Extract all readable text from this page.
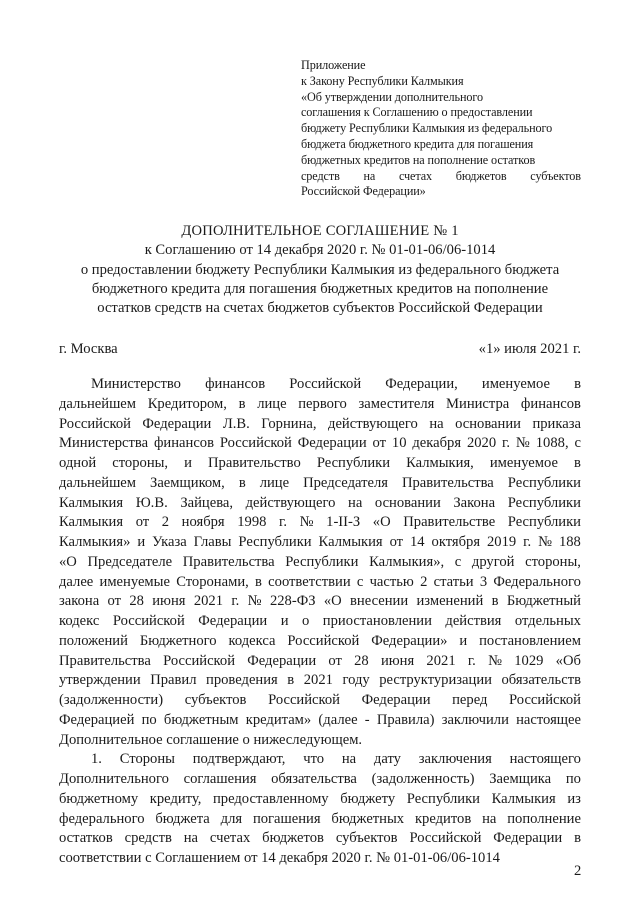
Приложение
к Закону Республики Калмыкия
«Об утверждении дополнительного
соглашения к Соглашению о предоставлении
бюджету Республики Калмыкия из федерального
бюджета бюджетного кредита для погашения
бюджетных кредитов на пополнение остатков
средств на счетах бюджетов субъектов
Российской Федерации»
ДОПОЛНИТЕЛЬНОЕ СОГЛАШЕНИЕ № 1
к Соглашению от 14 декабря 2020 г. № 01-01-06/06-1014
о предоставлении бюджету Республики Калмыкия из федерального бюджета
бюджетного кредита для погашения бюджетных кредитов на пополнение
остатков средств на счетах бюджетов субъектов Российской Федерации
г. Москва	«1» июля 2021 г.
Министерство финансов Российской Федерации, именуемое в
дальнейшем Кредитором, в лице первого заместителя Министра финансов
Российской Федерации Л.В. Горнина, действующего на основании приказа
Министерства финансов Российской Федерации от 10 декабря 2020 г. № 1088, с
одной стороны, и Правительство Республики Калмыкия, именуемое в
дальнейшем Заемщиком, в лице Председателя Правительства Республики
Калмыкия Ю.В. Зайцева, действующего на основании Закона Республики
Калмыкия от 2 ноября 1998 г. № 1-II-З «О Правительстве Республики
Калмыкия» и Указа Главы Республики Калмыкия от 14 октября 2019 г. № 188
«О Председателе Правительства Республики Калмыкия», с другой стороны,
далее именуемые Сторонами, в соответствии с частью 2 статьи 3 Федерального
закона от 28 июня 2021 г. № 228-ФЗ «О внесении изменений в Бюджетный
кодекс Российской Федерации и о приостановлении действия отдельных
положений Бюджетного кодекса Российской Федерации» и постановлением
Правительства Российской Федерации от 28 июня 2021 г. № 1029 «Об
утверждении Правил проведения в 2021 году реструктуризации обязательств
(задолженности) субъектов Российской Федерации перед Российской
Федерацией по бюджетным кредитам» (далее - Правила) заключили настоящее
Дополнительное соглашение о нижеследующем.
1. Стороны подтверждают, что на дату заключения настоящего
Дополнительного соглашения обязательства (задолженность) Заемщика по
бюджетному кредиту, предоставленному бюджету Республики Калмыкия из
федерального бюджета для погашения бюджетных кредитов на пополнение
остатков средств на счетах бюджетов субъектов Российской Федерации в
соответствии с Соглашением от 14 декабря 2020 г. № 01-01-06/06-1014
2
